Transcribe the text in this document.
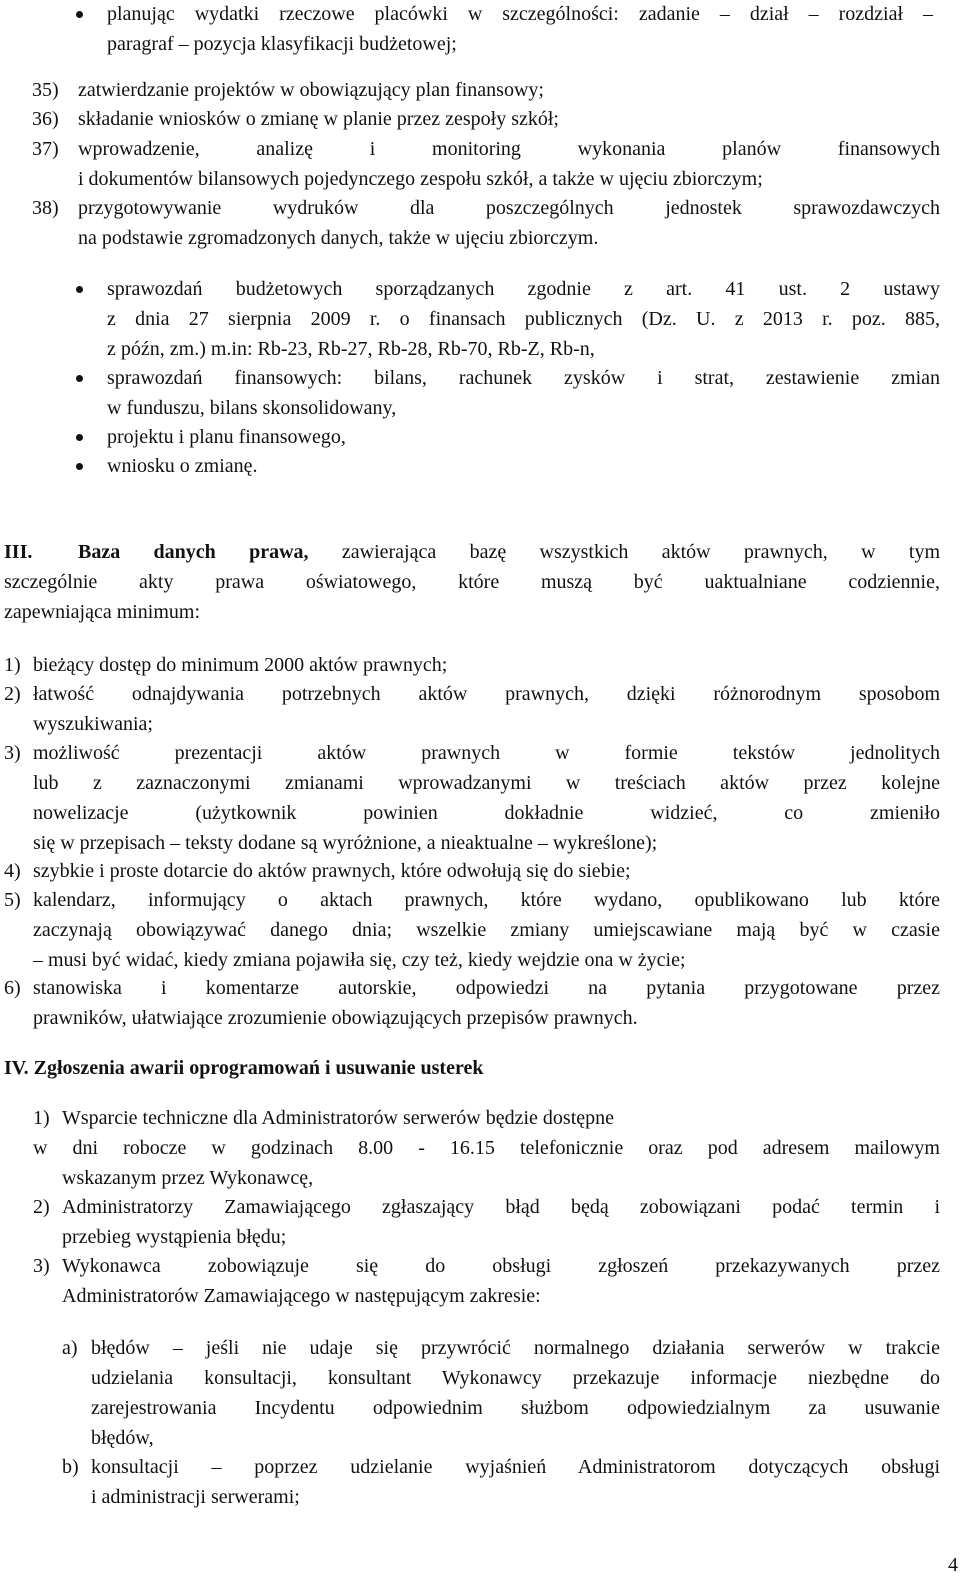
planując wydatki rzeczowe placówki w szczególności: zadanie – dział – rozdział –
paragraf – pozycja klasyfikacji budżetowej;
35) zatwierdzanie projektów w obowiązujący plan finansowy;
36) składanie wniosków o zmianę w planie przez zespoły szkół;
37) wprowadzenie, analizę i monitoring wykonania planów finansowych
i dokumentów bilansowych pojedynczego zespołu szkół, a także w ujęciu zbiorczym;
38) przygotowywanie wydruków dla poszczególnych jednostek sprawozdawczych
na podstawie zgromadzonych danych, także w ujęciu zbiorczym.
sprawozdań budżetowych sporządzanych zgodnie z art. 41 ust. 2 ustawy
z dnia 27 sierpnia 2009 r. o finansach publicznych (Dz. U. z 2013 r. poz. 885,
z późn, zm.) m.in: Rb-23, Rb-27, Rb-28, Rb-70, Rb-Z, Rb-n,
sprawozdań finansowych: bilans, rachunek zysków i strat, zestawienie zmian
w funduszu, bilans skonsolidowany,
projektu i planu finansowego,
wniosku o zmianę.
III.	Baza danych prawa, zawierająca bazę wszystkich aktów prawnych, w tym
szczególnie akty prawa oświatowego, które muszą być uaktualniane codziennie,
zapewniająca minimum:
1) bieżący dostęp do minimum 2000 aktów prawnych;
2) łatwość odnajdywania potrzebnych aktów prawnych, dzięki różnorodnym sposobom
wyszukiwania;
3) możliwość prezentacji aktów prawnych w formie tekstów jednolitych
lub z zaznaczonymi zmianami wprowadzanymi w treściach aktów przez kolejne
nowelizacje (użytkownik powinien dokładnie widzieć, co zmieniło
się w przepisach – teksty dodane są wyróżnione, a nieaktualne – wykreślone);
4) szybkie i proste dotarcie do aktów prawnych, które odwołują się do siebie;
5) kalendarz, informujący o aktach prawnych, które wydano, opublikowano lub które
zaczynają obowiązywać danego dnia; wszelkie zmiany umiejscawiane mają być w czasie
– musi być widać, kiedy zmiana pojawiła się, czy też, kiedy wejdzie ona w życie;
6) stanowiska i komentarze autorskie, odpowiedzi na pytania przygotowane przez
prawników, ułatwiające zrozumienie obowiązujących przepisów prawnych.
IV. Zgłoszenia awarii oprogramowań i usuwanie usterek
1) Wsparcie techniczne dla Administratorów serwerów będzie dostępne
w dni robocze w godzinach 8.00 - 16.15 telefonicznie oraz pod adresem mailowym
wskazanym przez Wykonawcę,
2) Administratorzy Zamawiającego zgłaszający błąd będą zobowiązani podać termin i
przebieg wystąpienia błędu;
3) Wykonawca zobowiązuje się do obsługi zgłoszeń przekazywanych przez
Administratorów Zamawiającego w następującym zakresie:
a) błędów – jeśli nie udaje się przywrócić normalnego działania serwerów w trakcie
udzielania konsultacji, konsultant Wykonawcy przekazuje informacje niezbędne do
zarejestrowania Incydentu odpowiednim służbom odpowiedzialnym za usuwanie
błędów,
b) konsultacji – poprzez udzielanie wyjaśnień Administratorom dotyczących obsługi
i administracji serwerami;
4
